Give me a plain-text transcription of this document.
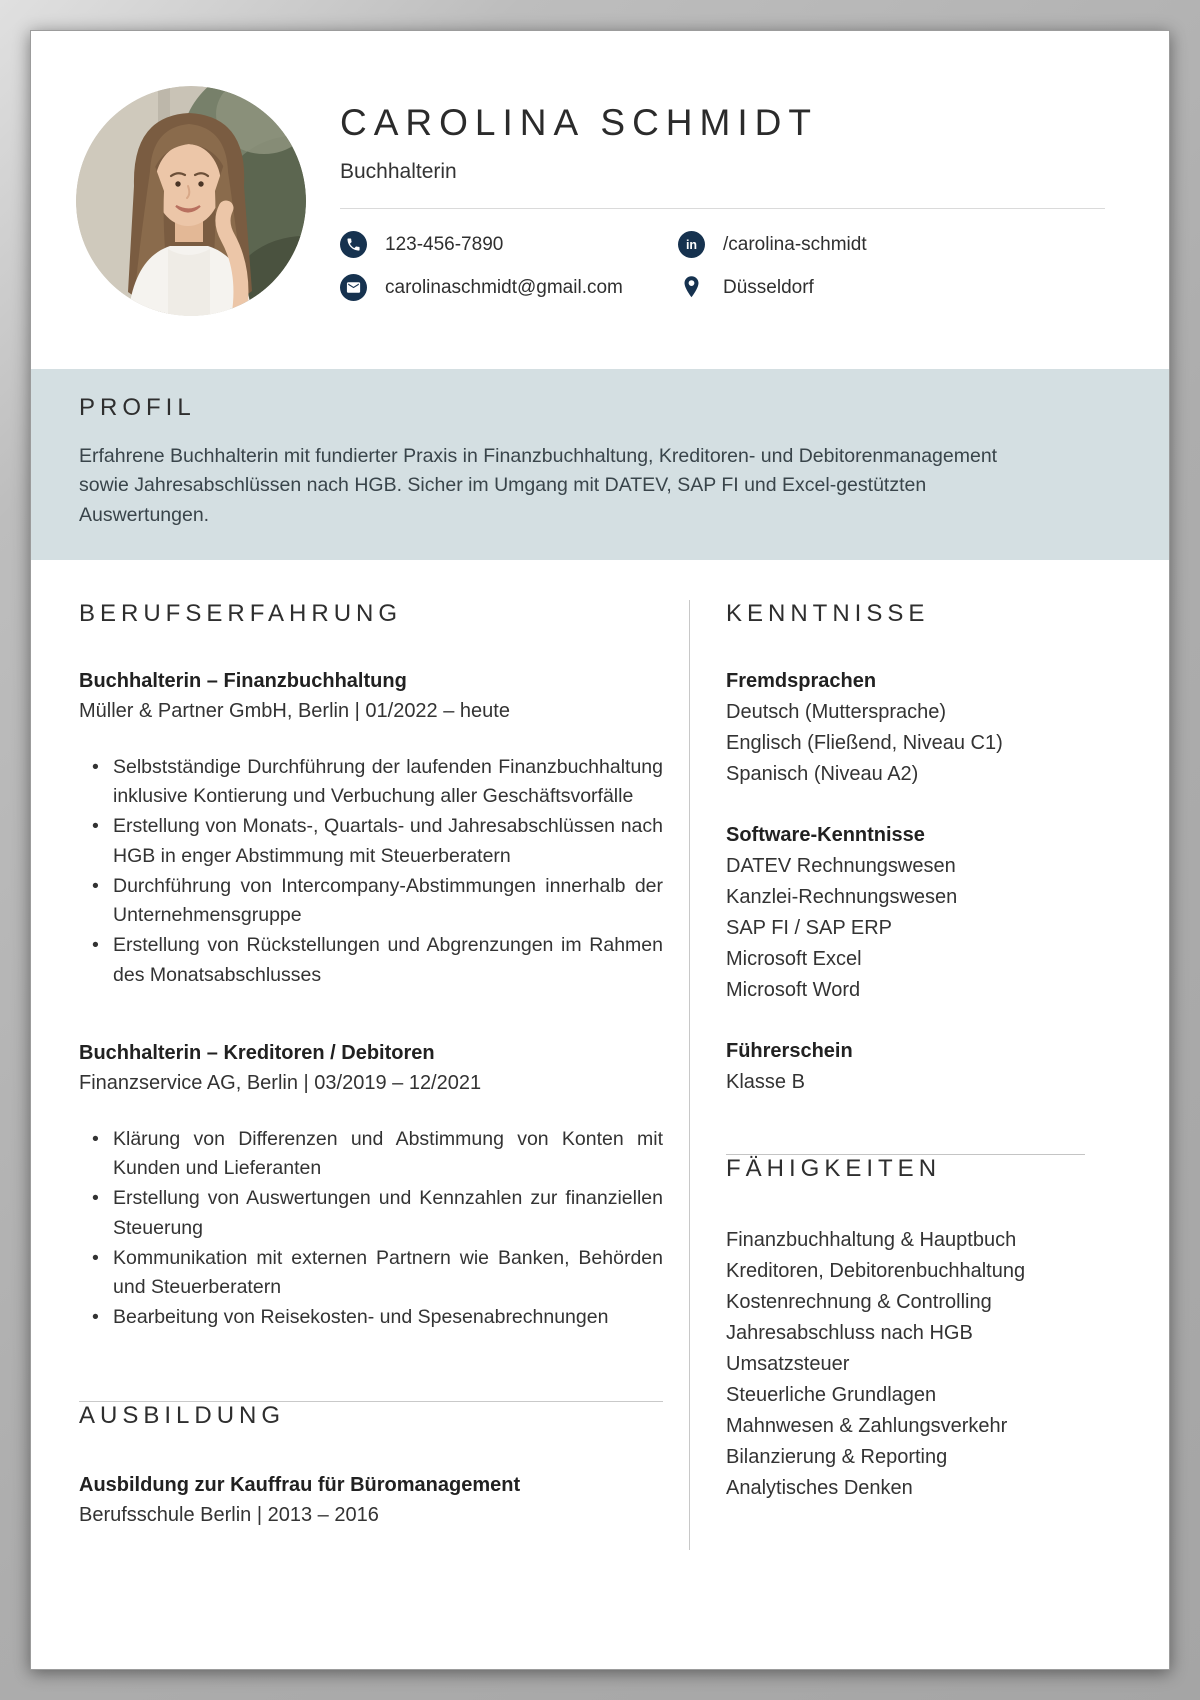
CAROLINA SCHMIDT
Buchhalterin
123-456-7890	in /carolina-schmidt
carolinaschmidt@gmail.com	Düsseldorf
PROFIL

Erfahrene Buchhalterin mit fundierter Praxis in Finanzbuchhaltung, Kreditoren- und Debitorenmanagement sowie Jahresabschlüssen nach HGB. Sicher im Umgang mit DATEV, SAP FI und Excel-gestützten Auswertungen.

BERUFSERFAHRUNG
Buchhalterin – Finanzbuchhaltung
Müller & Partner GmbH, Berlin | 01/2022 – heute
• Selbstständige Durchführung der laufenden Finanzbuchhaltung inklusive Kontierung und Verbuchung aller Geschäftsvorfälle
• Erstellung von Monats-, Quartals- und Jahresabschlüssen nach HGB in enger Abstimmung mit Steuerberatern
• Durchführung von Intercompany-Abstimmungen innerhalb der Unternehmensgruppe
• Erstellung von Rückstellungen und Abgrenzungen im Rahmen des Monatsabschlusses
Buchhalterin – Kreditoren / Debitoren
Finanzservice AG, Berlin | 03/2019 – 12/2021
• Klärung von Differenzen und Abstimmung von Konten mit Kunden und Lieferanten
• Erstellung von Auswertungen und Kennzahlen zur finanziellen Steuerung
• Kommunikation mit externen Partnern wie Banken, Behörden und Steuerberatern
• Bearbeitung von Reisekosten- und Spesenabrechnungen
AUSBILDUNG
Ausbildung zur Kauffrau für Büromanagement
Berufsschule Berlin | 2013 – 2016
KENNTNISSE
Fremdsprachen
Deutsch (Muttersprache)
Englisch (Fließend, Niveau C1)
Spanisch (Niveau A2)
Software-Kenntnisse
DATEV Rechnungswesen
Kanzlei-Rechnungswesen
SAP FI / SAP ERP
Microsoft Excel
Microsoft Word
Führerschein
Klasse B
FÄHIGKEITEN
Finanzbuchhaltung & Hauptbuch
Kreditoren, Debitorenbuchhaltung
Kostenrechnung & Controlling
Jahresabschluss nach HGB
Umsatzsteuer
Steuerliche Grundlagen
Mahnwesen & Zahlungsverkehr
Bilanzierung & Reporting
Analytisches Denken
